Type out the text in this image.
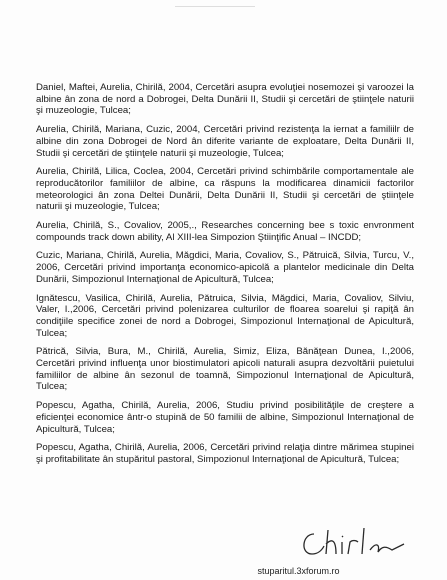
Daniel, Maftei, Aurelia, Chirilă, 2004, Cercetări asupra evoluţiei nosemozei şi varoozei la albine ân zona de nord a Dobrogei, Delta Dunării II, Studii şi cercetări de ştiinţele naturii şi muzeologie, Tulcea;

Aurelia, Chirilă, Mariana, Cuzic, 2004, Cercetări privind rezistenţa la iernat a familiilr de albine din zona Dobrogei de Nord ân diferite variante de exploatare, Delta Dunării II, Studii şi cercetări de ştiinţele naturii şi muzeologie, Tulcea;

Aurelia, Chirilă, Lilica, Coclea, 2004, Cercetări privind schimbările comportamentale ale reproducătorilor familiilor de albine, ca răspuns la modificarea dinamicii factorilor meteorologici ân zona Deltei Dunării, Delta Dunării II, Studii şi cercetări de ştiinţele naturii şi muzeologie, Tulcea;

Aurelia, Chirilă, S., Covaliov, 2005,., Researches concerning bee s toxic envronment compounds track down ability, Al XIII-lea Simpozion Ştiinţific Anual – INCDD;

Cuzic, Mariana, Chirilă, Aurelia, Măgdici, Maria, Covaliov, S., Pătruică, Silvia, Turcu, V., 2006, Cercetări privind importanţa economico-apicolă a plantelor medicinale din Delta Dunării, Simpozionul Internaţional de Apicultură, Tulcea;

Ignătescu, Vasilica, Chirilă, Aurelia, Pătruica, Silvia, Măgdici, Maria, Covaliov, Silviu, Valer, I.,2006, Cercetări privind polenizarea culturilor de floarea soarelui şi rapiţă ân condiţiile specifice zonei de nord a Dobrogei, Simpozionul Internaţional de Apicultură, Tulcea;

Pătrică, Silvia, Bura, M., Chirilă, Aurelia, Simiz, Eliza, Bănăţean Dunea, I.,2006, Cercetări privind influenţa unor biostimulatori apicoli naturali asupra dezvoltării puietului familiilor de albine ân sezonul de toamnă, Simpozionul Internaţional de Apicultură, Tulcea;

Popescu, Agatha, Chirilă, Aurelia, 2006, Studiu privind posibilităţile de creştere a eficienţei economice ântr-o stupină de 50 familii de albine, Simpozionul Internaţional de Apicultură, Tulcea;

Popescu, Agatha, Chirilă, Aurelia, 2006, Cercetări privind relaţia dintre mărimea stupinei şi profitabilitate ân stupăritul pastoral, Simpozionul Internaţional de Apicultură, Tulcea;

stuparitul.3xforum.ro
